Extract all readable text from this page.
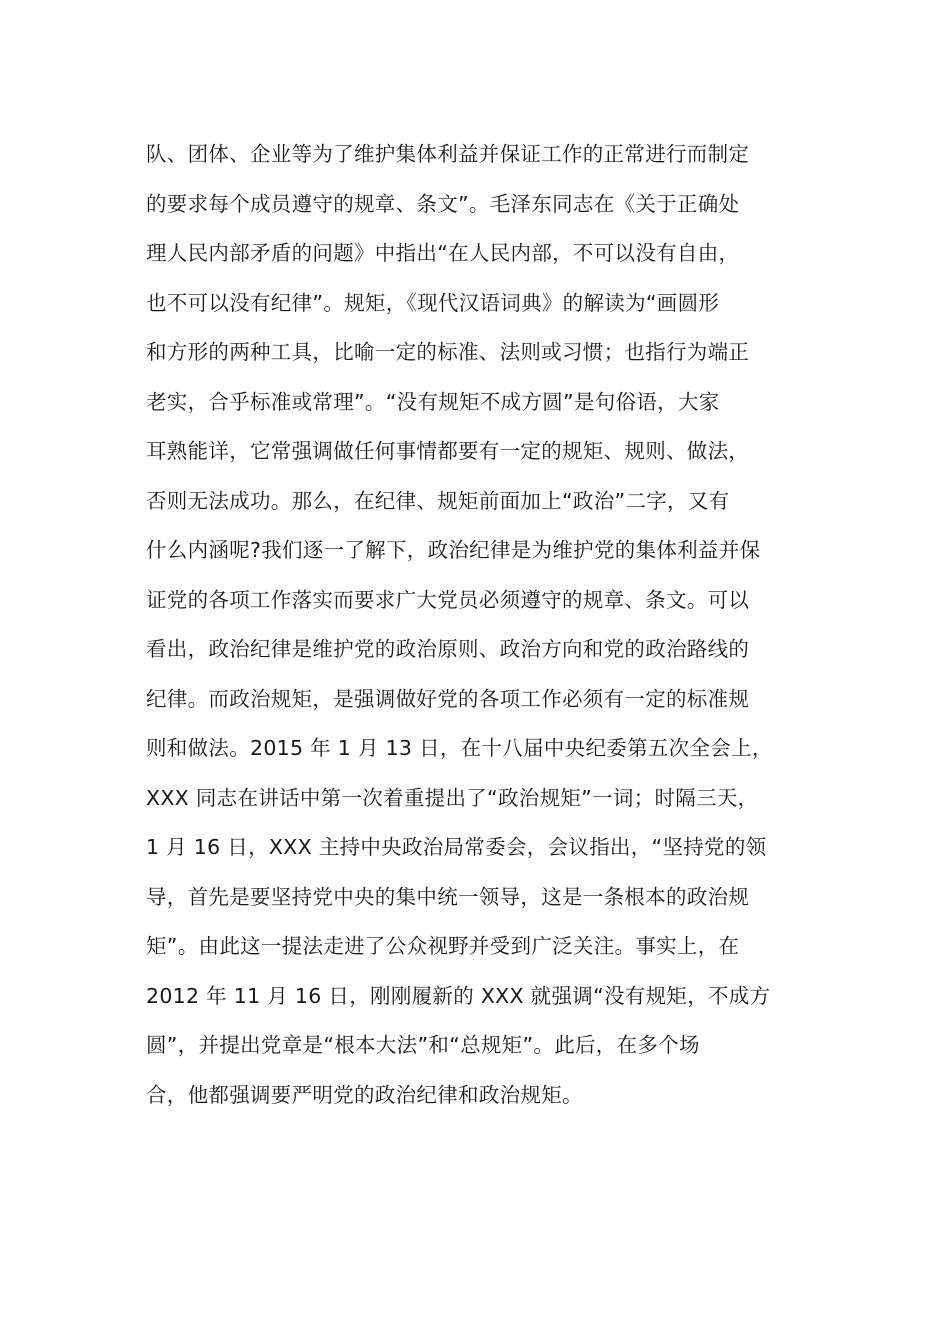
队、团体、企业等为了维护集体利益并保证工作的正常进行而制定
的要求每个成员遵守的规章、条文”。毛泽东同志在《关于正确处
理人民内部矛盾的问题》中指出“在人民内部，不可以没有自由，
也不可以没有纪律”。规矩，《现代汉语词典》的解读为“画圆形
和方形的两种工具，比喻一定的标准、法则或习惯；也指行为端正
老实，合乎标准或常理”。“没有规矩不成方圆”是句俗语，大家
耳熟能详，它常强调做任何事情都要有一定的规矩、规则、做法，
否则无法成功。那么，在纪律、规矩前面加上“政治”二字，又有
什么内涵呢?我们逐一了解下，政治纪律是为维护党的集体利益并保
证党的各项工作落实而要求广大党员必须遵守的规章、条文。可以
看出，政治纪律是维护党的政治原则、政治方向和党的政治路线的
纪律。而政治规矩，是强调做好党的各项工作必须有一定的标准规
则和做法。2015 年 1 月 13 日，在十八届中央纪委第五次全会上，
XXX 同志在讲话中第一次着重提出了“政治规矩”一词；时隔三天，
1 月 16 日，XXX 主持中央政治局常委会，会议指出，“坚持党的领
导，首先是要坚持党中央的集中统一领导，这是一条根本的政治规
矩”。由此这一提法走进了公众视野并受到广泛关注。事实上，在
2012 年 11 月 16 日，刚刚履新的 XXX 就强调“没有规矩，不成方
圆”，并提出党章是“根本大法”和“总规矩”。此后，在多个场
合，他都强调要严明党的政治纪律和政治规矩。
